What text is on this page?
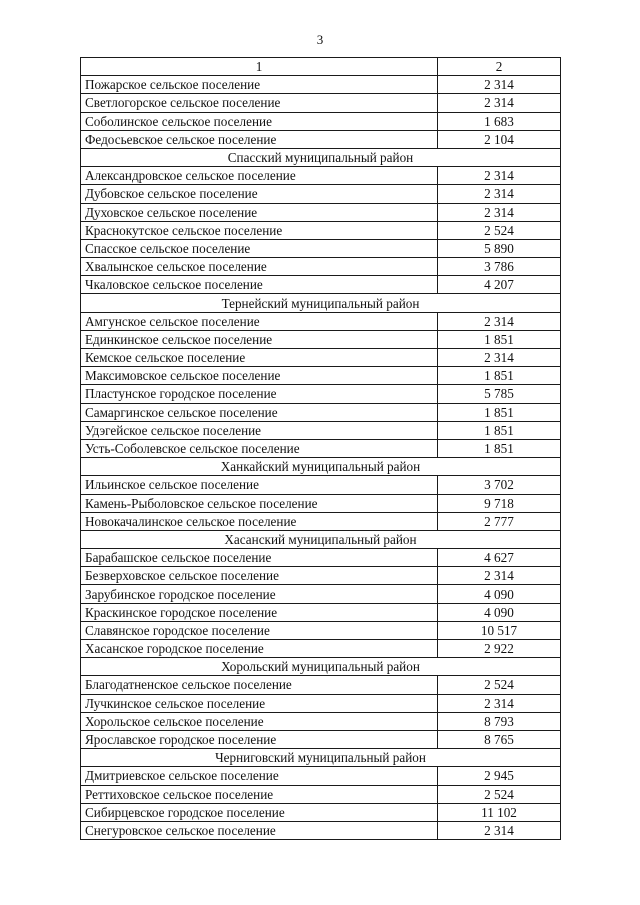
3
1	2
Пожарское сельское поселение	2 314
Светлогорское сельское поселение	2 314
Соболинское сельское поселение	1 683
Федосьевское сельское поселение	2 104
Спасский муниципальный район	
Александровское сельское поселение	2 314
Дубовское сельское поселение	2 314
Духовское сельское поселение	2 314
Краснокутское сельское поселение	2 524
Спасское сельское поселение	5 890
Хвалынское сельское поселение	3 786
Чкаловское сельское поселение	4 207
Тернейский муниципальный район	
Амгунское сельское поселение	2 314
Единкинское сельское поселение	1 851
Кемское сельское поселение	2 314
Максимовское сельское поселение	1 851
Пластунское городское поселение	5 785
Самаргинское сельское поселение	1 851
Удэгейское сельское поселение	1 851
Усть-Соболевское сельское поселение	1 851
Ханкайский муниципальный район	
Ильинское сельское поселение	3 702
Камень-Рыболовское сельское поселение	9 718
Новокачалинское сельское поселение	2 777
Хасанский муниципальный район	
Барабашское сельское поселение	4 627
Безверховское сельское поселение	2 314
Зарубинское городское поселение	4 090
Краскинское городское поселение	4 090
Славянское городское поселение	10 517
Хасанское городское поселение	2 922
Хорольский муниципальный район	
Благодатненское сельское поселение	2 524
Лучкинское сельское поселение	2 314
Хорольское сельское поселение	8 793
Ярославское городское поселение	8 765
Черниговский муниципальный район	
Дмитриевское сельское поселение	2 945
Реттиховское сельское поселение	2 524
Сибирцевское городское поселение	11 102
Снегуровское сельское поселение	2 314
